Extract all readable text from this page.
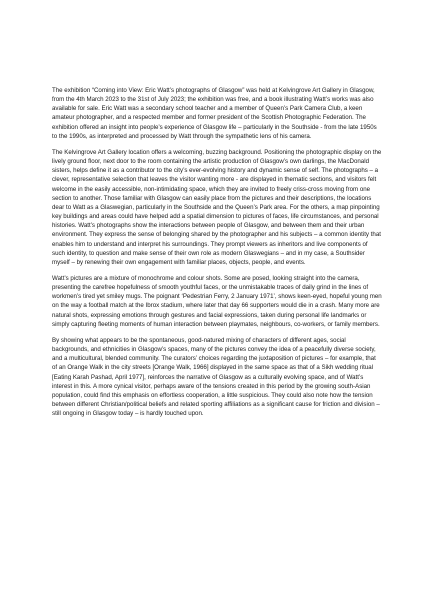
The exhibition “Coming into View: Eric Watt’s photographs of Glasgow” was held at Kelvingrove Art Gallery in Glasgow, from the 4th March 2023 to the 31st of July 2023; the exhibition was free, and a book illustrating Watt’s works was also available for sale. Eric Watt was a secondary school teacher and a member of Queen’s Park Camera Club, a keen amateur photographer, and a respected member and former president of the Scottish Photographic Federation. The exhibition offered an insight into people’s experience of Glasgow life – particularly in the Southside - from the late 1950s to the 1990s, as interpreted and processed by Watt through the sympathetic lens of his camera.

The Kelvingrove Art Gallery location offers a welcoming, buzzing background. Positioning the photographic display on the lively ground floor, next door to the room containing the artistic production of Glasgow’s own darlings, the MacDonald sisters, helps define it as a contributor to the city’s ever-evolving history and dynamic sense of self. The photographs – a clever, representative selection that leaves the visitor wanting more - are displayed in thematic sections, and visitors felt welcome in the easily accessible, non-intimidating space, which they are invited to freely criss-cross moving from one section to another. Those familiar with Glasgow can easily place from the pictures and their descriptions, the locations dear to Watt as a Glaswegian, particularly in the Southside and the Queen’s Park area. For the others, a map pinpointing key buildings and areas could have helped add a spatial dimension to pictures of faces, life circumstances, and personal histories. Watt’s photographs show the interactions between people of Glasgow, and between them and their urban environment. They express the sense of belonging shared by the photographer and his subjects – a common identity that enables him to understand and interpret his surroundings. They prompt viewers as inheritors and live components of such identity, to question and make sense of their own role as modern Glaswegians – and in my case, a Southsider myself – by renewing their own engagement with familiar places, objects, people, and events.

Watt’s pictures are a mixture of monochrome and colour shots. Some are posed, looking straight into the camera, presenting the carefree hopefulness of smooth youthful faces, or the unmistakable traces of daily grind in the lines of workmen’s tired yet smiley mugs. The poignant ‘Pedestrian Ferry, 2 January 1971’, shows keen-eyed, hopeful young men on the way a football match at the Ibrox stadium, where later that day 66 supporters would die in a crash. Many more are natural shots, expressing emotions through gestures and facial expressions, taken during personal life landmarks or simply capturing fleeting moments of human interaction between playmates, neighbours, co-workers, or family members.

By showing what appears to be the spontaneous, good-natured mixing of characters of different ages, social backgrounds, and ethnicities in Glasgow’s spaces, many of the pictures convey the idea of a peacefully diverse society, and a multicultural, blended community. The curators’ choices regarding the juxtaposition of pictures – for example, that of an Orange Walk in the city streets [Orange Walk, 1966] displayed in the same space as that of a Sikh wedding ritual [Eating Karah Pashad, April 1977], reinforces the narrative of Glasgow as a culturally evolving space, and of Watt’s interest in this. A more cynical visitor, perhaps aware of the tensions created in this period by the growing south-Asian population, could find this emphasis on effortless cooperation, a little suspicious. They could also note how the tension between different Christian/political beliefs and related sporting affiliations as a significant cause for friction and division – still ongoing in Glasgow today – is hardly touched upon.
